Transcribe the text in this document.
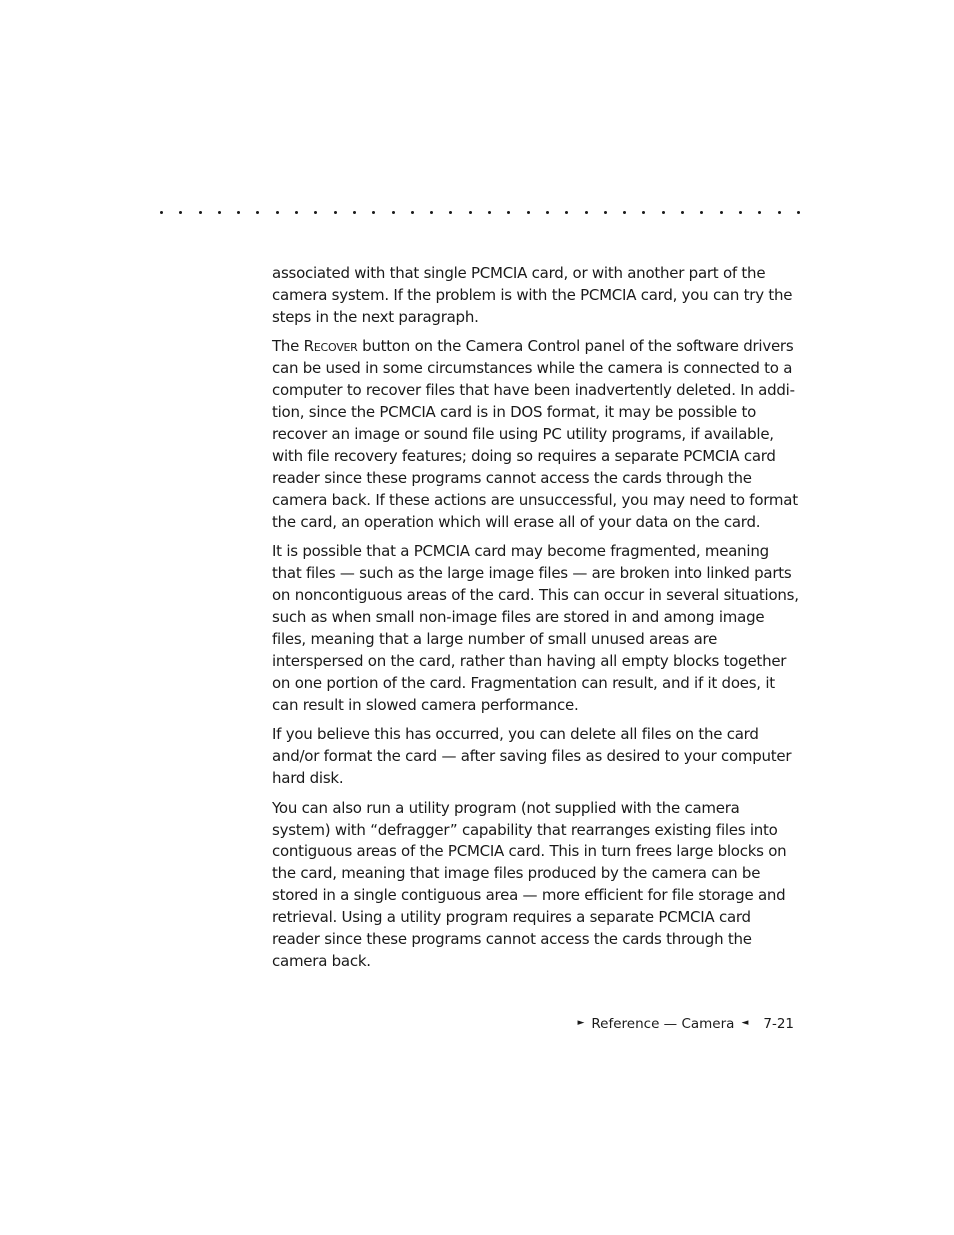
associated with that single PCMCIA card, or with another part of the camera system. If the problem is with the PCMCIA card, you can try the steps in the next paragraph.

The Recover button on the Camera Control panel of the software drivers can be used in some circumstances while the camera is connected to a computer to recover files that have been inadvertently deleted. In addi-tion, since the PCMCIA card is in DOS format, it may be possible to recover an image or sound file using PC utility programs, if available, with file recovery features; doing so requires a separate PCMCIA card reader since these programs cannot access the cards through the camera back. If these actions are unsuccessful, you may need to format the card, an operation which will erase all of your data on the card.

It is possible that a PCMCIA card may become fragmented, meaning that files — such as the large image files — are broken into linked parts on noncontiguous areas of the card. This can occur in several situations, such as when small non-image files are stored in and among image files, meaning that a large number of small unused areas are interspersed on the card, rather than having all empty blocks together on one portion of the card. Fragmentation can result, and if it does, it can result in slowed camera performance.

If you believe this has occurred, you can delete all files on the card and/or format the card — after saving files as desired to your computer hard disk.

You can also run a utility program (not supplied with the camera system) with “defragger” capability that rearranges existing files into contiguous areas of the PCMCIA card. This in turn frees large blocks on the card, meaning that image files produced by the camera can be stored in a single contiguous area — more efficient for file storage and retrieval. Using a utility program requires a separate PCMCIA card reader since these programs cannot access the cards through the camera back.

► Reference — Camera ◄ 7-21
